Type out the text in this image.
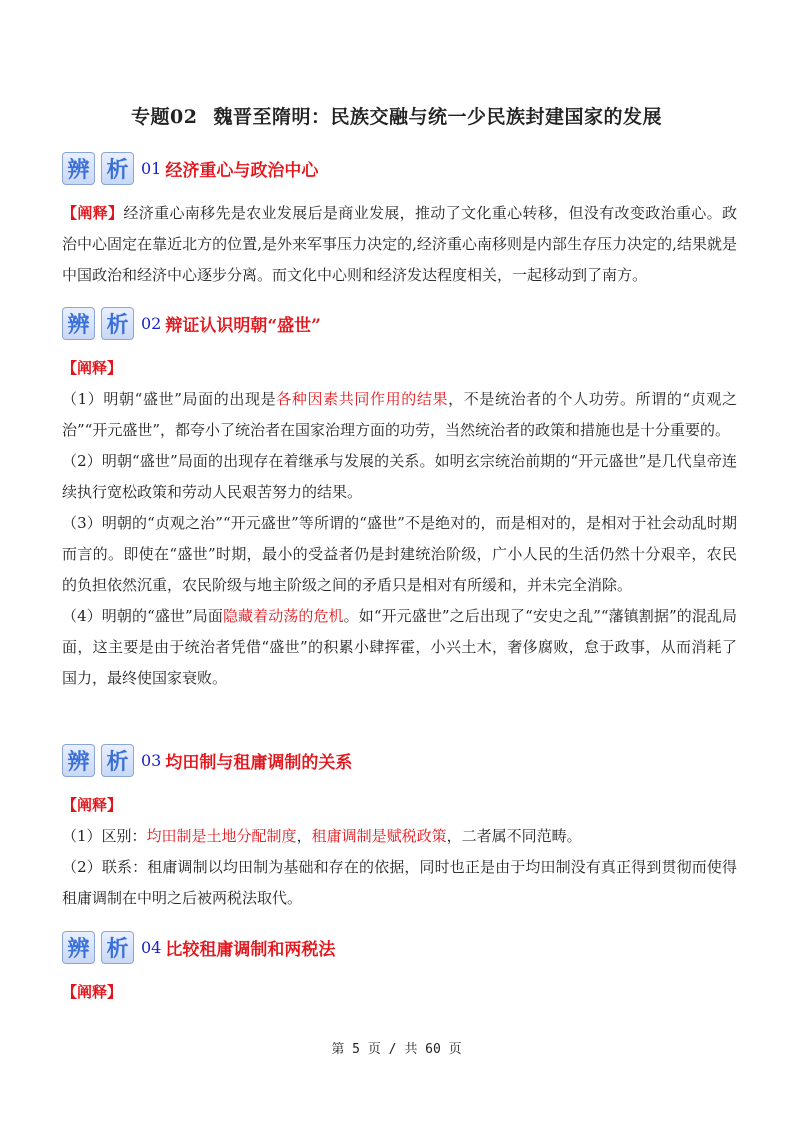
专题02 魏晋至隋明：民族交融与统一少民族封建国家的发展
辨 析 01 经济重心与政治中心

【阐释】经济重心南移先是农业发展后是商业发展，推动了文化重心转移，但没有改变政治重心。政治中心固定在靠近北方的位置,是外来军事压力决定的,经济重心南移则是内部生存压力决定的,结果就是中国政治和经济中心逐步分离。而文化中心则和经济发达程度相关，一起移动到了南方。

辨 析 02 辩证认识明朝“盛世”

【阐释】

（1）明朝“盛世”局面的出现是各种因素共同作用的结果，不是统治者的个人功劳。所谓的“贞观之治”“开元盛世”，都夸小了统治者在国家治理方面的功劳，当然统治者的政策和措施也是十分重要的。

（2）明朝“盛世”局面的出现存在着继承与发展的关系。如明玄宗统治前期的“开元盛世”是几代皇帝连续执行宽松政策和劳动人民艰苦努力的结果。

（3）明朝的“贞观之治”“开元盛世”等所谓的“盛世”不是绝对的，而是相对的，是相对于社会动乱时期而言的。即使在“盛世”时期，最小的受益者仍是封建统治阶级，广小人民的生活仍然十分艰辛，农民的负担依然沉重，农民阶级与地主阶级之间的矛盾只是相对有所缓和，并未完全消除。

（4）明朝的“盛世”局面隐藏着动荡的危机。如“开元盛世”之后出现了“安史之乱”“藩镇割据”的混乱局面，这主要是由于统治者凭借“盛世”的积累小肆挥霍，小兴土木，奢侈腐败，怠于政事，从而消耗了国力，最终使国家衰败。

辨 析 03 均田制与租庸调制的关系

【阐释】

（1）区别：均田制是土地分配制度，租庸调制是赋税政策，二者属不同范畴。

（2）联系：租庸调制以均田制为基础和存在的依据，同时也正是由于均田制没有真正得到贯彻而使得租庸调制在中明之后被两税法取代。

辨 析 04 比较租庸调制和两税法

【阐释】

第 5 页 / 共 60 页
